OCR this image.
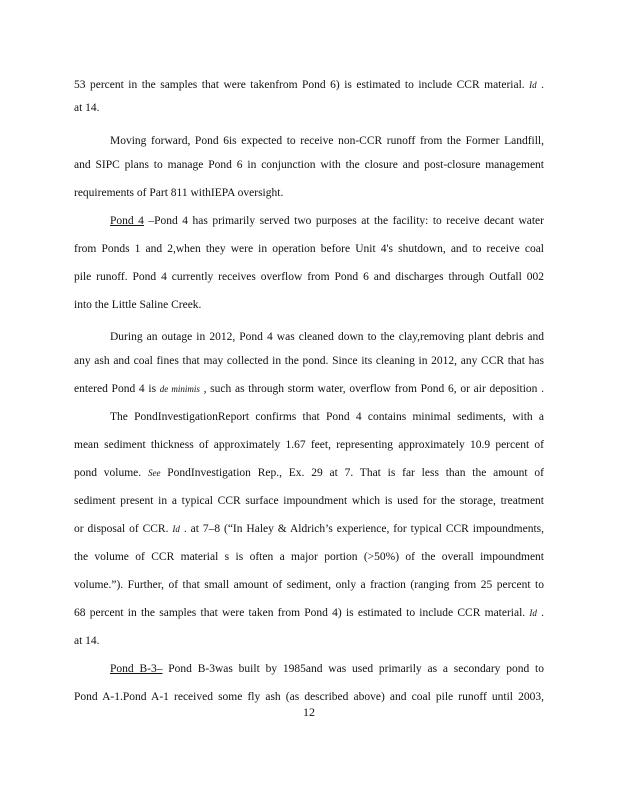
53 percent in the samples that were takenfrom Pond 6) is estimated to include CCR material. Id .
at 14.
Moving forward, Pond 6is expected to receive non-CCR runoff from the Former Landfill,
and SIPC plans to manage Pond 6 in conjunction with the closure and post-closure management
requirements of Part 811 withIEPA oversight.
Pond 4 –Pond 4 has primarily served two purposes at the facility: to receive decant water
from Ponds 1 and 2,when they were in operation before Unit 4's shutdown, and to receive coal
pile runoff. Pond 4 currently receives overflow from Pond 6 and discharges through Outfall 002
into the Little Saline Creek.
During an outage in 2012, Pond 4 was cleaned down to the clay,removing plant debris and
any ash and coal fines that may collected in the pond. Since its cleaning in 2012, any CCR that has
entered Pond 4 is de minimis , such as through storm water, overflow from Pond 6, or air deposition .
The PondInvestigationReport confirms that Pond 4 contains minimal sediments, with a
mean sediment thickness of approximately 1.67 feet, representing approximately 10.9 percent of
pond volume. See PondInvestigation Rep., Ex. 29 at 7. That is far less than the amount of
sediment present in a typical CCR surface impoundment which is used for the storage, treatment
or disposal of CCR. Id . at 7–8 (“In Haley & Aldrich’s experience, for typical CCR impoundments,
the volume of CCR material s is often a major portion (>50%) of the overall impoundment
volume.”). Further, of that small amount of sediment, only a fraction (ranging from 25 percent to
68 percent in the samples that were taken from Pond 4) is estimated to include CCR material. Id .
at 14.
Pond B-3– Pond B-3was built by 1985and was used primarily as a secondary pond to
Pond A-1.Pond A-1 received some fly ash (as described above) and coal pile runoff until 2003,
12
